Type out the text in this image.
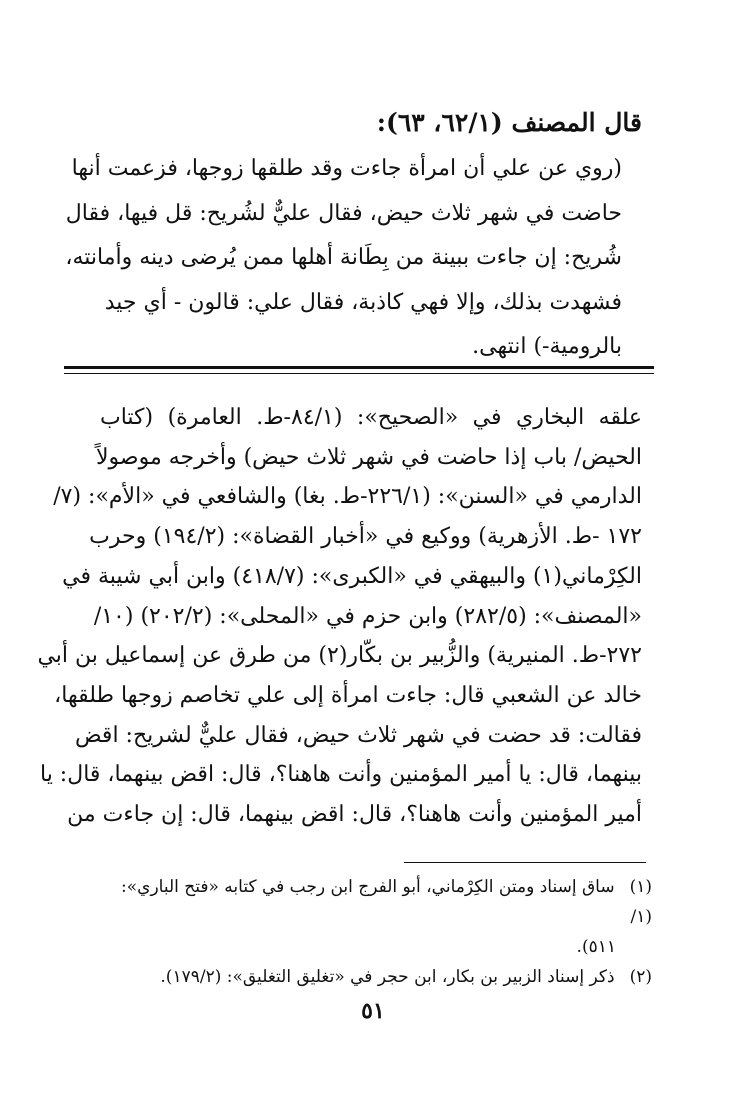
قال المصنف (٦٢/١، ٦٣):
(روي عن علي أن امرأة جاءت وقد طلقها زوجها، فزعمت أنها
حاضت في شهر ثلاث حيض، فقال عليٌّ لشُريح: قل فيها، فقال
شُريح: إن جاءت ببينة من بِطَانة أهلها ممن يُرضى دينه وأمانته،
فشهدت بذلك، وإلا فهي كاذبة، فقال علي: قالون - أي جيد
بالرومية-) انتهى.
علقه البخاري في «الصحيح»: (٨٤/١-ط. العامرة) (كتاب
الحيض/ باب إذا حاضت في شهر ثلاث حيض) وأخرجه موصولاً
الدارمي في «السنن»: (٢٢٦/١-ط. بغا) والشافعي في «الأم»: (٧/
١٧٢ -ط. الأزهرية) ووكيع في «أخبار القضاة»: (١٩٤/٢) وحرب
الكِرْماني(١) والبيهقي في «الكبرى»: (٤١٨/٧) وابن أبي شيبة في
«المصنف»: (٢٨٢/٥) وابن حزم في «المحلى»: (٢٠٢/٢) (١٠/
٢٧٢-ط. المنيرية) والزُّبير بن بكّار(٢) من طرق عن إسماعيل بن أبي
خالد عن الشعبي قال: جاءت امرأة إلى علي تخاصم زوجها طلقها،
فقالت: قد حضت في شهر ثلاث حيض، فقال عليٌّ لشريح: اقض
بينهما، قال: يا أمير المؤمنين وأنت هاهنا؟، قال: اقض بينهما، قال: يا
أمير المؤمنين وأنت هاهنا؟، قال: اقض بينهما، قال: إن جاءت من
(١) ساق إسناد ومتن الكِرْماني، أبو الفرج ابن رجب في كتابه «فتح الباري»: (١/
٥١١).
(٢) ذكر إسناد الزبير بن بكار، ابن حجر في «تغليق التغليق»: (١٧٩/٢).
٥١
